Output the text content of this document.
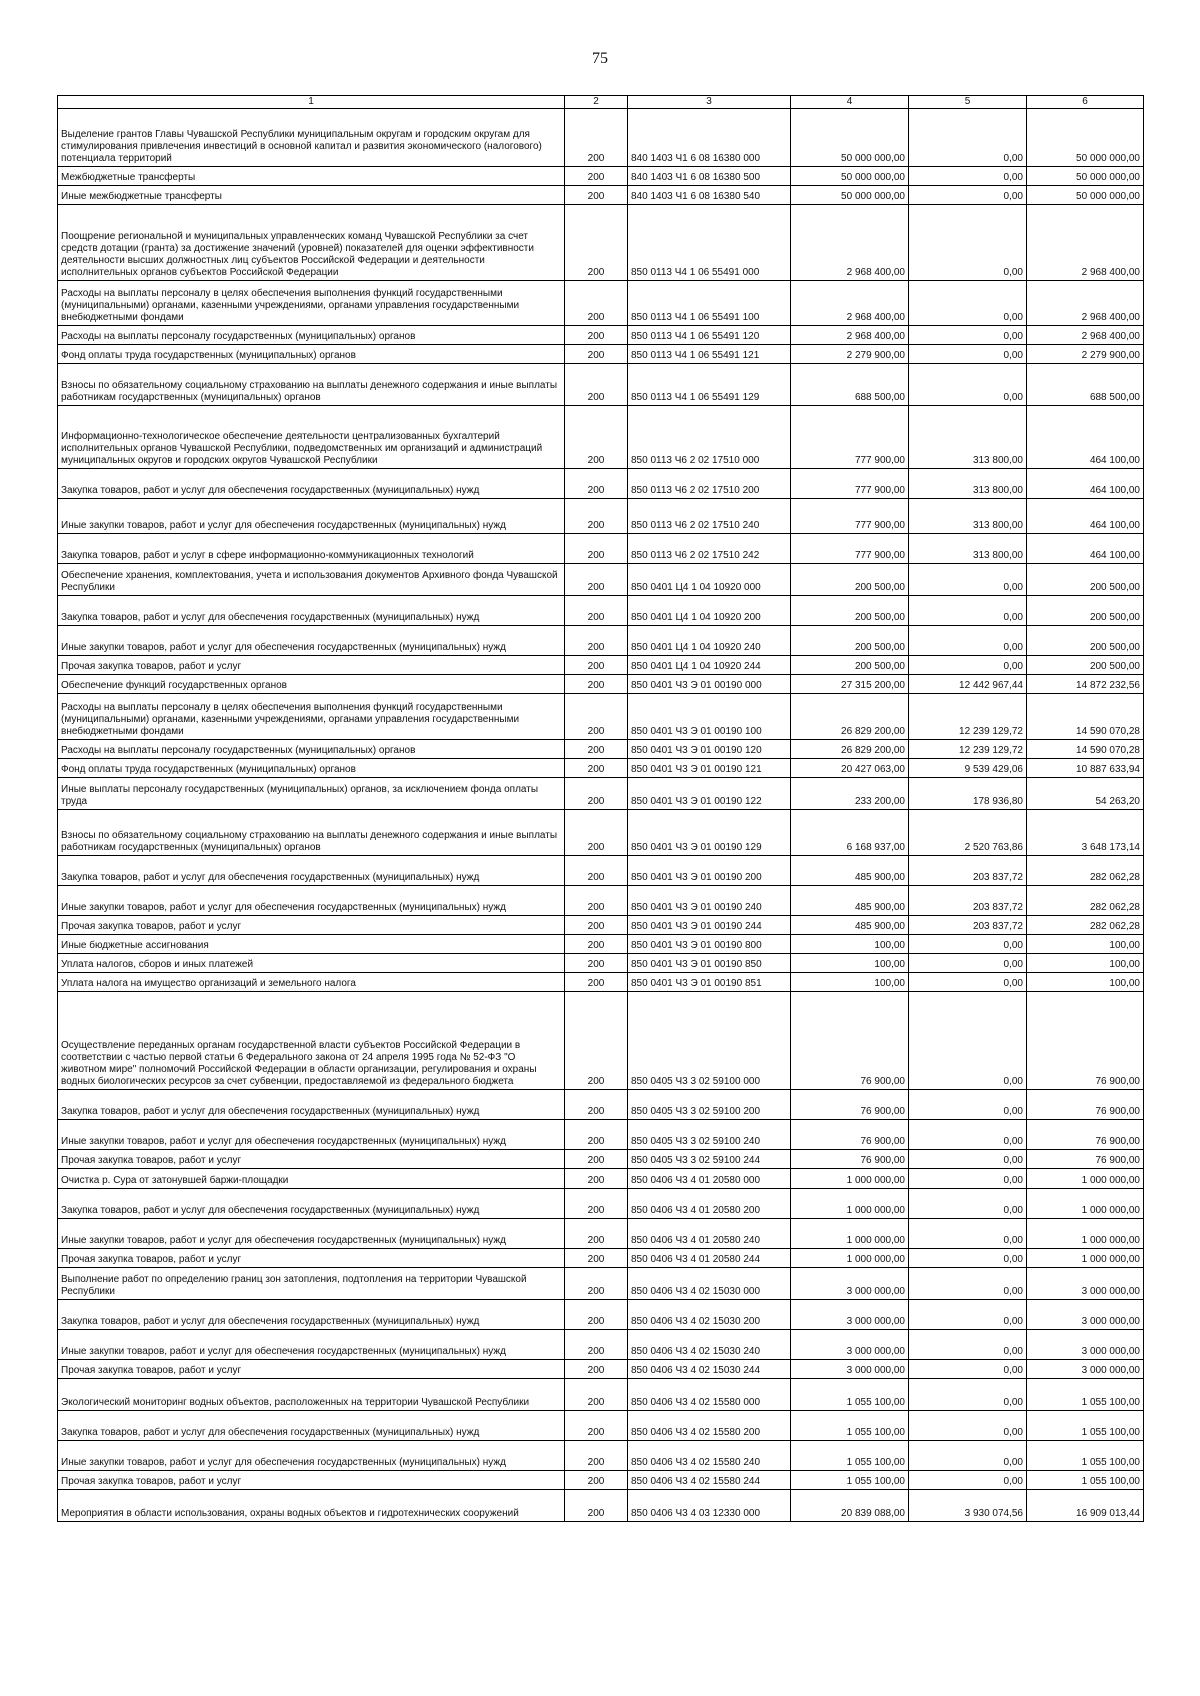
75
1	2	3	4	5	6
Выделение грантов Главы Чувашской Республики муниципальным округам и городским округам для стимулирования привлечения инвестиций в основной капитал и развития экономического (налогового) потенциала территорий	200	840 1403 Ч1 6 08 16380 000	50 000 000,00	0,00	50 000 000,00
Межбюджетные трансферты	200	840 1403 Ч1 6 08 16380 500	50 000 000,00	0,00	50 000 000,00
Иные межбюджетные трансферты	200	840 1403 Ч1 6 08 16380 540	50 000 000,00	0,00	50 000 000,00
Поощрение региональной и муниципальных управленческих команд Чувашской Республики за счет средств дотации (гранта) за достижение значений (уровней) показателей для оценки эффективности деятельности высших должностных лиц субъектов Российской Федерации и деятельности исполнительных органов субъектов Российской Федерации	200	850 0113 Ч4 1 06 55491 000	2 968 400,00	0,00	2 968 400,00
Расходы на выплаты персоналу в целях обеспечения выполнения функций государственными (муниципальными) органами, казенными учреждениями, органами управления государственными внебюджетными фондами	200	850 0113 Ч4 1 06 55491 100	2 968 400,00	0,00	2 968 400,00
Расходы на выплаты персоналу государственных (муниципальных) органов	200	850 0113 Ч4 1 06 55491 120	2 968 400,00	0,00	2 968 400,00
Фонд оплаты труда государственных (муниципальных) органов	200	850 0113 Ч4 1 06 55491 121	2 279 900,00	0,00	2 279 900,00
Взносы по обязательному социальному страхованию на выплаты денежного содержания и иные выплаты работникам государственных (муниципальных) органов	200	850 0113 Ч4 1 06 55491 129	688 500,00	0,00	688 500,00
Информационно-технологическое обеспечение деятельности централизованных бухгалтерий исполнительных органов Чувашской Республики, подведомственных им организаций и администраций муниципальных округов и городских округов Чувашской Республики	200	850 0113 Ч6 2 02 17510 000	777 900,00	313 800,00	464 100,00
Закупка товаров, работ и услуг для обеспечения государственных (муниципальных) нужд	200	850 0113 Ч6 2 02 17510 200	777 900,00	313 800,00	464 100,00
Иные закупки товаров, работ и услуг для обеспечения государственных (муниципальных) нужд	200	850 0113 Ч6 2 02 17510 240	777 900,00	313 800,00	464 100,00
Закупка товаров, работ и услуг в сфере информационно-коммуникационных технологий	200	850 0113 Ч6 2 02 17510 242	777 900,00	313 800,00	464 100,00
Обеспечение хранения, комплектования, учета и использования документов Архивного фонда Чувашской Республики	200	850 0401 Ц4 1 04 10920 000	200 500,00	0,00	200 500,00
Закупка товаров, работ и услуг для обеспечения государственных (муниципальных) нужд	200	850 0401 Ц4 1 04 10920 200	200 500,00	0,00	200 500,00
Иные закупки товаров, работ и услуг для обеспечения государственных (муниципальных) нужд	200	850 0401 Ц4 1 04 10920 240	200 500,00	0,00	200 500,00
Прочая закупка товаров, работ и услуг	200	850 0401 Ц4 1 04 10920 244	200 500,00	0,00	200 500,00
Обеспечение функций государственных органов	200	850 0401 Ч3 Э 01 00190 000	27 315 200,00	12 442 967,44	14 872 232,56
Расходы на выплаты персоналу в целях обеспечения выполнения функций государственными (муниципальными) органами, казенными учреждениями, органами управления государственными внебюджетными фондами	200	850 0401 Ч3 Э 01 00190 100	26 829 200,00	12 239 129,72	14 590 070,28
Расходы на выплаты персоналу государственных (муниципальных) органов	200	850 0401 Ч3 Э 01 00190 120	26 829 200,00	12 239 129,72	14 590 070,28
Фонд оплаты труда государственных (муниципальных) органов	200	850 0401 Ч3 Э 01 00190 121	20 427 063,00	9 539 429,06	10 887 633,94
Иные выплаты персоналу государственных (муниципальных) органов, за исключением фонда оплаты труда	200	850 0401 Ч3 Э 01 00190 122	233 200,00	178 936,80	54 263,20
Взносы по обязательному социальному страхованию на выплаты денежного содержания и иные выплаты работникам государственных (муниципальных) органов	200	850 0401 Ч3 Э 01 00190 129	6 168 937,00	2 520 763,86	3 648 173,14
Закупка товаров, работ и услуг для обеспечения государственных (муниципальных) нужд	200	850 0401 Ч3 Э 01 00190 200	485 900,00	203 837,72	282 062,28
Иные закупки товаров, работ и услуг для обеспечения государственных (муниципальных) нужд	200	850 0401 Ч3 Э 01 00190 240	485 900,00	203 837,72	282 062,28
Прочая закупка товаров, работ и услуг	200	850 0401 Ч3 Э 01 00190 244	485 900,00	203 837,72	282 062,28
Иные бюджетные ассигнования	200	850 0401 Ч3 Э 01 00190 800	100,00	0,00	100,00
Уплата налогов, сборов и иных платежей	200	850 0401 Ч3 Э 01 00190 850	100,00	0,00	100,00
Уплата налога на имущество организаций и земельного налога	200	850 0401 Ч3 Э 01 00190 851	100,00	0,00	100,00
Осуществление переданных органам государственной власти субъектов Российской Федерации в соответствии с частью первой статьи 6 Федерального закона от 24 апреля 1995 года № 52-ФЗ "О животном мире" полномочий Российской Федерации в области организации, регулирования и охраны водных биологических ресурсов за счет субвенции, предоставляемой из федерального бюджета	200	850 0405 Ч3 3 02 59100 000	76 900,00	0,00	76 900,00
Закупка товаров, работ и услуг для обеспечения государственных (муниципальных) нужд	200	850 0405 Ч3 3 02 59100 200	76 900,00	0,00	76 900,00
Иные закупки товаров, работ и услуг для обеспечения государственных (муниципальных) нужд	200	850 0405 Ч3 3 02 59100 240	76 900,00	0,00	76 900,00
Прочая закупка товаров, работ и услуг	200	850 0405 Ч3 3 02 59100 244	76 900,00	0,00	76 900,00
Очистка р. Сура от затонувшей баржи-площадки	200	850 0406 Ч3 4 01 20580 000	1 000 000,00	0,00	1 000 000,00
Закупка товаров, работ и услуг для обеспечения государственных (муниципальных) нужд	200	850 0406 Ч3 4 01 20580 200	1 000 000,00	0,00	1 000 000,00
Иные закупки товаров, работ и услуг для обеспечения государственных (муниципальных) нужд	200	850 0406 Ч3 4 01 20580 240	1 000 000,00	0,00	1 000 000,00
Прочая закупка товаров, работ и услуг	200	850 0406 Ч3 4 01 20580 244	1 000 000,00	0,00	1 000 000,00
Выполнение работ по определению границ зон затопления, подтопления на территории Чувашской Республики	200	850 0406 Ч3 4 02 15030 000	3 000 000,00	0,00	3 000 000,00
Закупка товаров, работ и услуг для обеспечения государственных (муниципальных) нужд	200	850 0406 Ч3 4 02 15030 200	3 000 000,00	0,00	3 000 000,00
Иные закупки товаров, работ и услуг для обеспечения государственных (муниципальных) нужд	200	850 0406 Ч3 4 02 15030 240	3 000 000,00	0,00	3 000 000,00
Прочая закупка товаров, работ и услуг	200	850 0406 Ч3 4 02 15030 244	3 000 000,00	0,00	3 000 000,00
Экологический мониторинг водных объектов, расположенных на территории Чувашской Республики	200	850 0406 Ч3 4 02 15580 000	1 055 100,00	0,00	1 055 100,00
Закупка товаров, работ и услуг для обеспечения государственных (муниципальных) нужд	200	850 0406 Ч3 4 02 15580 200	1 055 100,00	0,00	1 055 100,00
Иные закупки товаров, работ и услуг для обеспечения государственных (муниципальных) нужд	200	850 0406 Ч3 4 02 15580 240	1 055 100,00	0,00	1 055 100,00
Прочая закупка товаров, работ и услуг	200	850 0406 Ч3 4 02 15580 244	1 055 100,00	0,00	1 055 100,00
Мероприятия в области использования, охраны водных объектов и гидротехнических сооружений	200	850 0406 Ч3 4 03 12330 000	20 839 088,00	3 930 074,56	16 909 013,44
